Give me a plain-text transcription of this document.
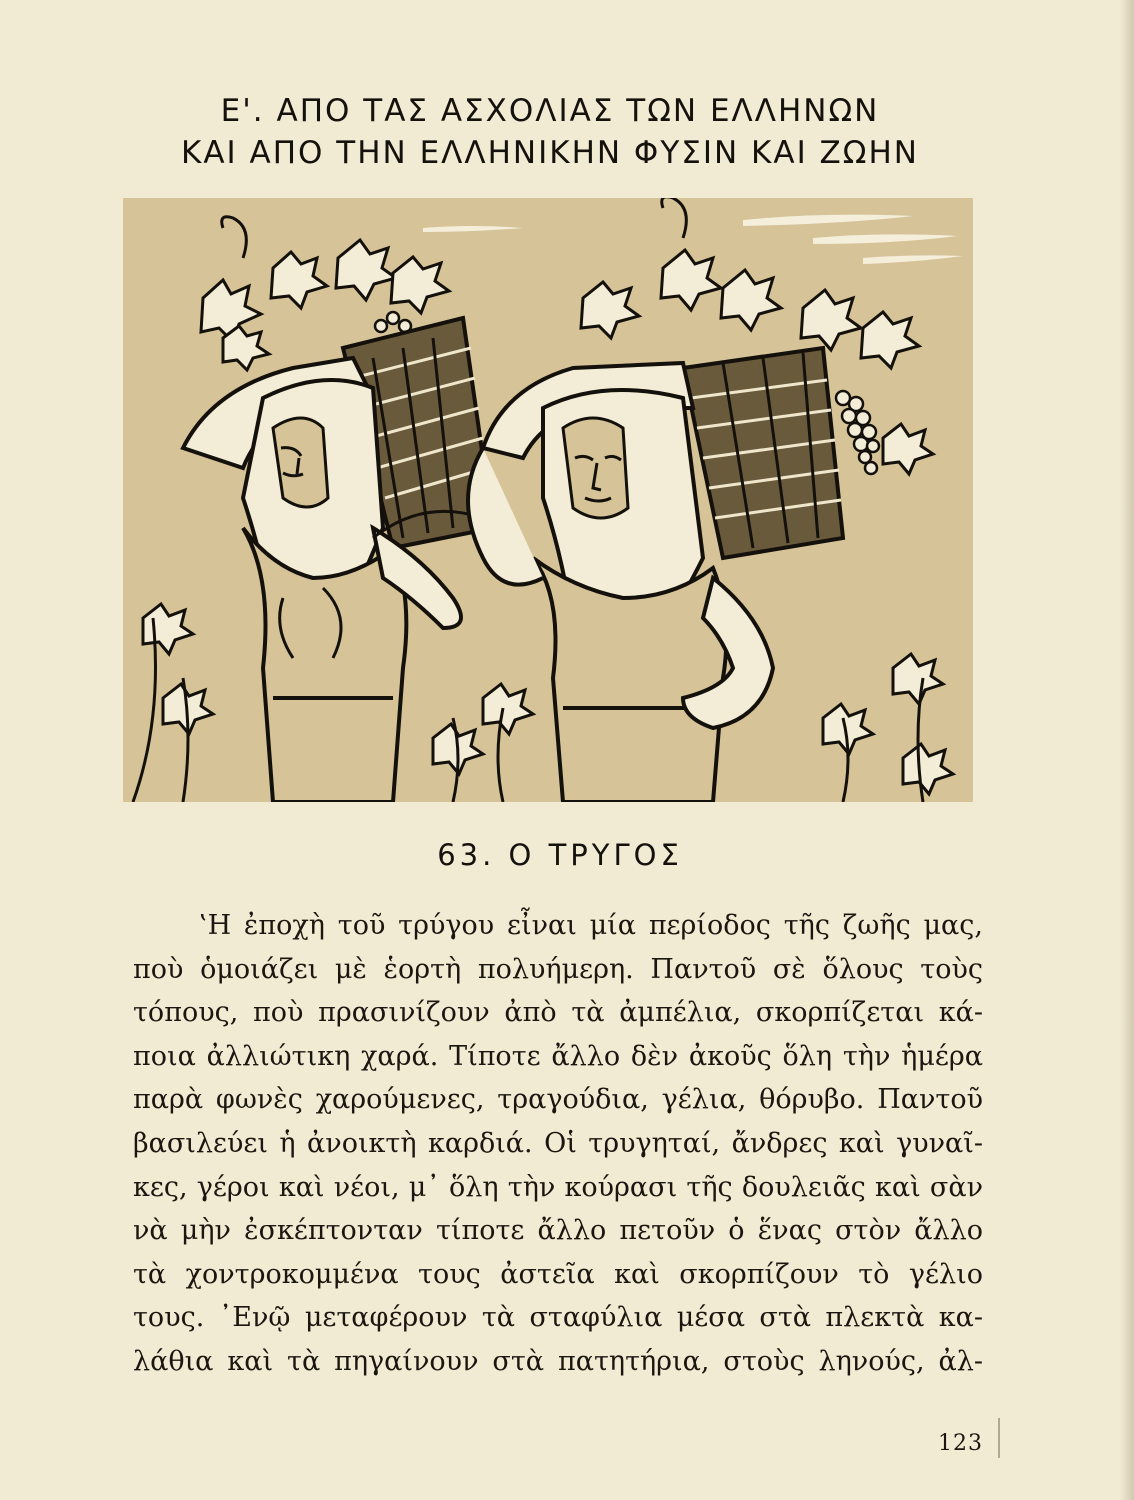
Ε'. ΑΠΟ ΤΑΣ ΑΣΧΟΛΙΑΣ ΤΩΝ ΕΛΛΗΝΩΝ
ΚΑΙ ΑΠΟ ΤΗΝ ΕΛΛΗΝΙΚΗΝ ΦΥΣΙΝ ΚΑΙ ΖΩΗΝ
63. Ο ΤΡΥΓΟΣ
‛Η ἐποχὴ τοῦ τρύγου εἶναι μία περίοδος τῆς ζωῆς μας,
ποὺ ὁμοιάζει μὲ ἑορτὴ πολυήμερη. Παντοῦ σὲ ὅλους τοὺς
τόπους, ποὺ πρασινίζουν ἀπὸ τὰ ἀμπέλια, σκορπίζεται κά-
ποια ἀλλιώτικη χαρά. Τίποτε ἄλλο δὲν ἀκοῦς ὅλη τὴν ἡμέρα
παρὰ φωνὲς χαρούμενες, τραγούδια, γέλια, θόρυβο. Παντοῦ
βασιλεύει ἡ ἀνοικτὴ καρδιά. Οἱ τρυγηταί, ἄνδρες καὶ γυναῖ-
κες, γέροι καὶ νέοι, μ᾽ ὅλη τὴν κούρασι τῆς δουλειᾶς καὶ σὰν
νὰ μὴν ἐσκέπτονταν τίποτε ἄλλο πετοῦν ὁ ἕνας στὸν ἄλλο
τὰ χοντροκομμένα τους ἀστεῖα καὶ σκορπίζουν τὸ γέλιο
τους. ᾽Ενῷ μεταφέρουν τὰ σταφύλια μέσα στὰ πλεκτὰ κα-
λάθια καὶ τὰ πηγαίνουν στὰ πατητήρια, στοὺς ληνούς, ἀλ-
123
